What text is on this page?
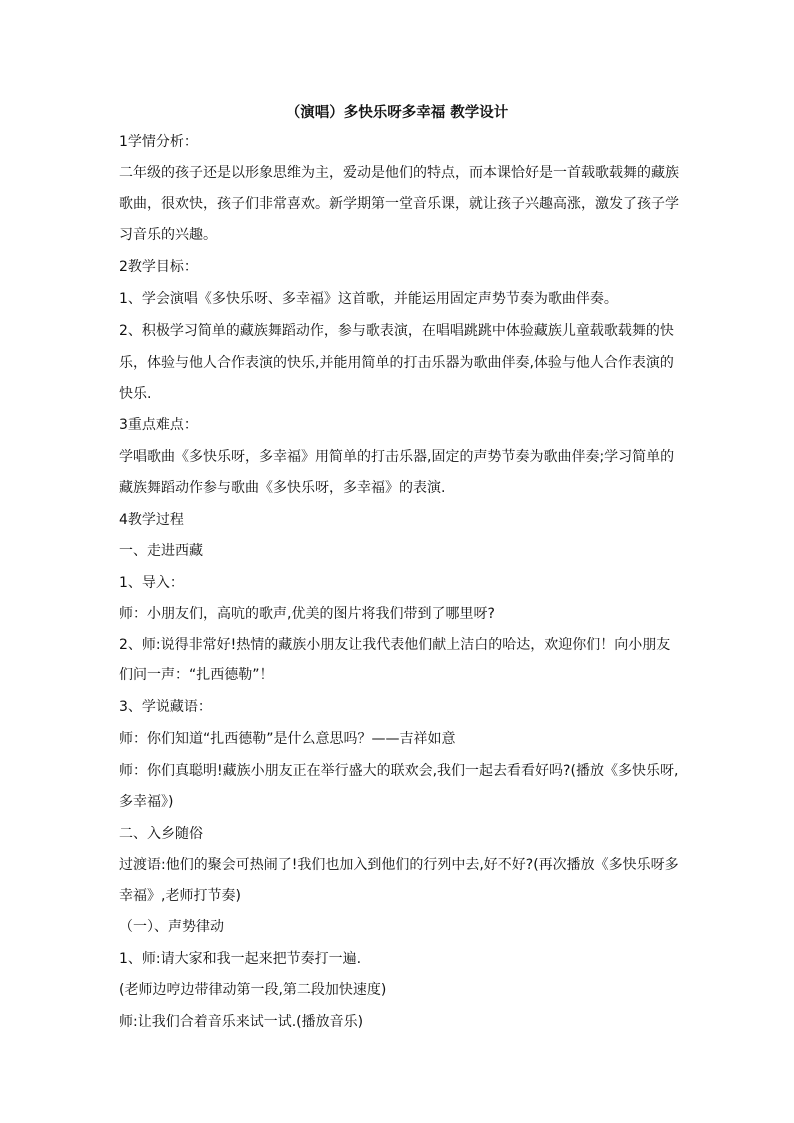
（演唱）多快乐呀多幸福 教学设计
1学情分析：
二年级的孩子还是以形象思维为主，爱动是他们的特点，而本课恰好是一首载歌载舞的藏族
歌曲，很欢快，孩子们非常喜欢。新学期第一堂音乐课，就让孩子兴趣高涨，激发了孩子学
习音乐的兴趣。
2教学目标：
1、学会演唱《多快乐呀、多幸福》这首歌，并能运用固定声势节奏为歌曲伴奏。
2、积极学习简单的藏族舞蹈动作，参与歌表演，在唱唱跳跳中体验藏族儿童载歌载舞的快
乐，体验与他人合作表演的快乐,并能用简单的打击乐器为歌曲伴奏,体验与他人合作表演的
快乐.
3重点难点：
学唱歌曲《多快乐呀，多幸福》用简单的打击乐器,固定的声势节奏为歌曲伴奏;学习简单的
藏族舞蹈动作参与歌曲《多快乐呀，多幸福》的表演.
4教学过程
一、走进西藏
1、导入：
师：小朋友们，高吭的歌声,优美的图片将我们带到了哪里呀?
2、师:说得非常好!热情的藏族小朋友让我代表他们献上洁白的哈达，欢迎你们！向小朋友
们问一声：“扎西德勒”！
3、学说藏语：
师：你们知道“扎西德勒”是什么意思吗？——吉祥如意
师：你们真聪明!藏族小朋友正在举行盛大的联欢会,我们一起去看看好吗?(播放《多快乐呀,
多幸福》)
二、入乡随俗
过渡语:他们的聚会可热闹了!我们也加入到他们的行列中去,好不好?(再次播放《多快乐呀多
幸福》,老师打节奏)
（一）、声势律动
1、师:请大家和我一起来把节奏打一遍.
(老师边哼边带律动第一段,第二段加快速度)
师:让我们合着音乐来试一试.(播放音乐)
